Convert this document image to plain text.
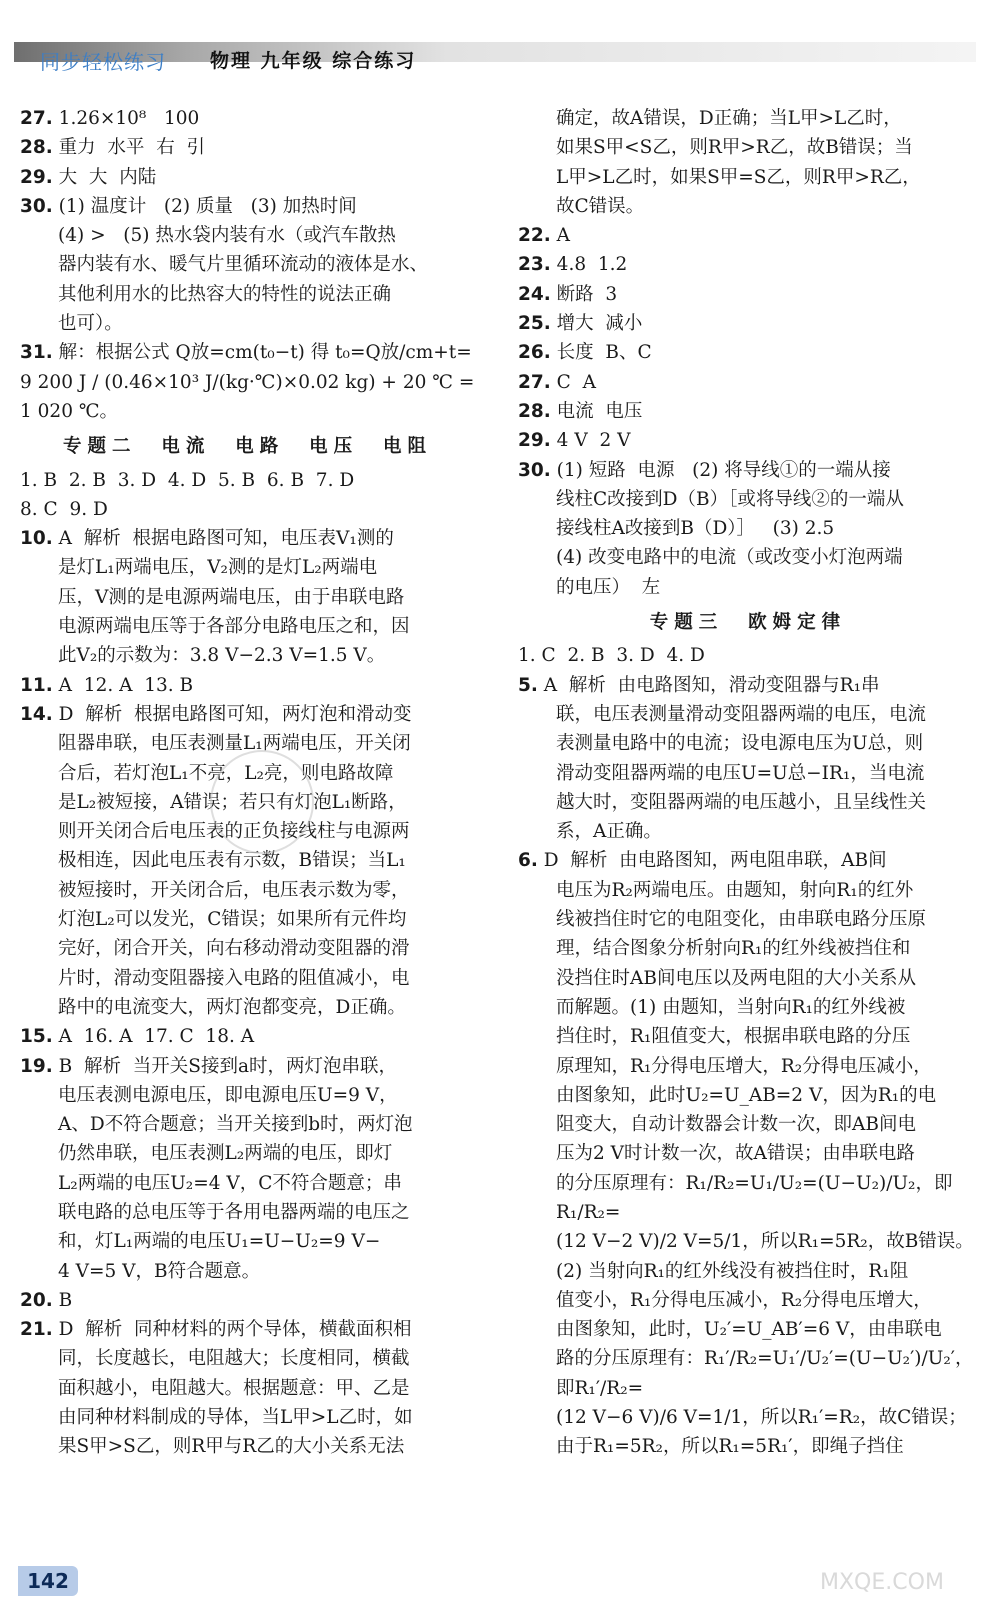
同步轻松练习 物理 九年级 综合练习
27. 1.26×10⁸   100
28. 重力  水平  右  引
29. 大  大  内陆
30. (1) 温度计   (2) 质量   (3) 加热时间
(4) >   (5) 热水袋内装有水（或汽车散热
器内装有水、暖气片里循环流动的液体是水、
其他利用水的比热容大的特性的说法正确
也可）。
31. 解：根据公式 Q放=cm(t₀−t) 得 t₀=Q放/cm+t=
9 200 J / (0.46×10³ J/(kg·℃)×0.02 kg) + 20 ℃ =
1 020 ℃。
专题二  电流  电路  电压  电阻
1. B  2. B  3. D  4. D  5. B  6. B  7. D
8. C  9. D
10. A  解析  根据电路图可知，电压表V₁测的
是灯L₁两端电压，V₂测的是灯L₂两端电
压，V测的是电源两端电压，由于串联电路
电源两端电压等于各部分电路电压之和，因
此V₂的示数为：3.8 V−2.3 V=1.5 V。
11. A  12. A  13. B
14. D  解析  根据电路图可知，两灯泡和滑动变
阻器串联，电压表测量L₁两端电压，开关闭
合后，若灯泡L₁不亮，L₂亮，则电路故障
是L₂被短接，A错误；若只有灯泡L₁断路，
则开关闭合后电压表的正负接线柱与电源两
极相连，因此电压表有示数，B错误；当L₁
被短接时，开关闭合后，电压表示数为零，
灯泡L₂可以发光，C错误；如果所有元件均
完好，闭合开关，向右移动滑动变阻器的滑
片时，滑动变阻器接入电路的阻值减小，电
路中的电流变大，两灯泡都变亮，D正确。
15. A  16. A  17. C  18. A
19. B  解析  当开关S接到a时，两灯泡串联，
电压表测电源电压，即电源电压U=9 V，
A、D不符合题意；当开关接到b时，两灯泡
仍然串联，电压表测L₂两端的电压，即灯
L₂两端的电压U₂=4 V，C不符合题意；串
联电路的总电压等于各用电器两端的电压之
和，灯L₁两端的电压U₁=U−U₂=9 V−
4 V=5 V，B符合题意。
20. B
21. D  解析  同种材料的两个导体，横截面积相
同，长度越长，电阻越大；长度相同，横截
面积越小，电阻越大。根据题意：甲、乙是
由同种材料制成的导体，当L甲>L乙时，如
果S甲>S乙，则R甲与R乙的大小关系无法
确定，故A错误，D正确；当L甲>L乙时，
如果S甲<S乙，则R甲>R乙，故B错误；当
L甲>L乙时，如果S甲=S乙，则R甲>R乙，
故C错误。
22. A
23. 4.8  1.2
24. 断路  3
25. 增大  减小
26. 长度  B、C
27. C  A
28. 电流  电压
29. 4 V  2 V
30. (1) 短路  电源   (2) 将导线①的一端从接
线柱C改接到D（B）［或将导线②的一端从
接线柱A改接到B（D）］   (3) 2.5
(4) 改变电路中的电流（或改变小灯泡两端
的电压）  左
专题三  欧姆定律
1. C  2. B  3. D  4. D
5. A  解析  由电路图知，滑动变阻器与R₁串
联，电压表测量滑动变阻器两端的电压，电流
表测量电路中的电流；设电源电压为U总，则
滑动变阻器两端的电压U=U总−IR₁，当电流
越大时，变阻器两端的电压越小，且呈线性关
系，A正确。
6. D  解析  由电路图知，两电阻串联，AB间
电压为R₂两端电压。由题知，射向R₁的红外
线被挡住时它的电阻变化，由串联电路分压原
理，结合图象分析射向R₁的红外线被挡住和
没挡住时AB间电压以及两电阻的大小关系从
而解题。(1) 由题知，当射向R₁的红外线被
挡住时，R₁阻值变大，根据串联电路的分压
原理知，R₁分得电压增大，R₂分得电压减小，
由图象知，此时U₂=U_AB=2 V，因为R₁的电
阻变大，自动计数器会计数一次，即AB间电
压为2 V时计数一次，故A错误；由串联电路
的分压原理有：R₁/R₂=U₁/U₂=(U−U₂)/U₂，即R₁/R₂=
(12 V−2 V)/2 V=5/1，所以R₁=5R₂，故B错误。
(2) 当射向R₁的红外线没有被挡住时，R₁阻
值变小，R₁分得电压减小，R₂分得电压增大，
由图象知，此时，U₂′=U_AB′=6 V，由串联电
路的分压原理有：R₁′/R₂=U₁′/U₂′=(U−U₂′)/U₂′，即R₁′/R₂=
(12 V−6 V)/6 V=1/1，所以R₁′=R₂，故C错误；
由于R₁=5R₂，所以R₁=5R₁′，即绳子挡住
142	MXQE.COM
